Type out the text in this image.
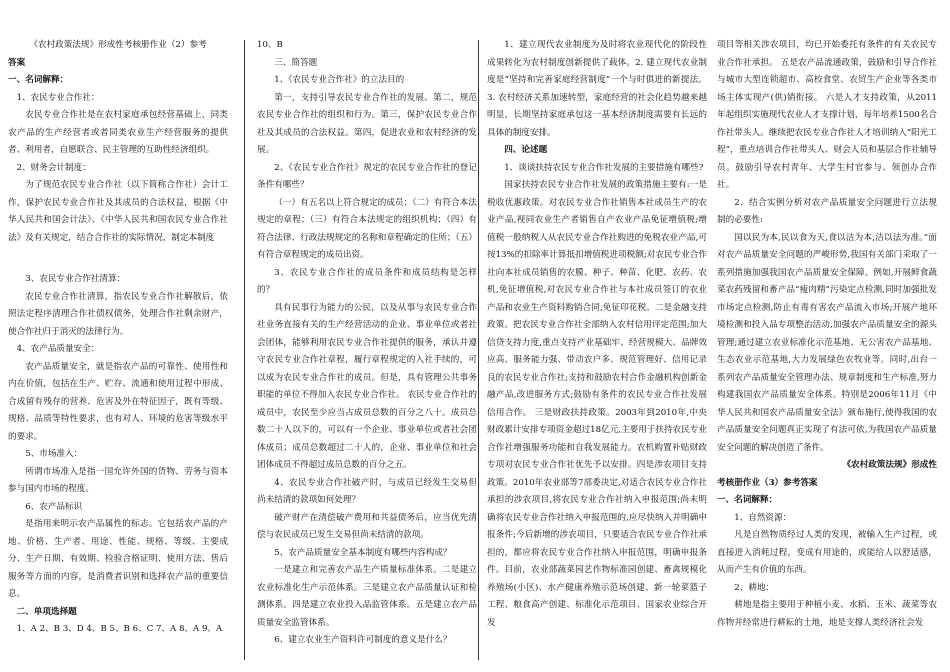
《农村政策法规》形成性考核册作业（2）参考

答案

一、名词解释：

1、农民专业合作社：

农民专业合作社是在农村家庭承包经营基础上，同类农产品的生产经营者或者同类农业生产经营服务的提供者、利用者，自愿联合、民主管理的互助性经济组织。

2、财务会计制度：

为了规范农民专业合作社（以下简称合作社）会计工作，保护农民专业合作社及其成员的合法权益，根据《中华人民共和国会计法》、《中华人民共和国农民专业合作社法》及有关规定，结合合作社的实际情况，制定本制度

3、农民专业合作社清算：

农民专业合作社清算，指农民专业合作社解散后，依照法定程序清理合作社债权债务，处理合作社剩余财产，使合作社归于消灭的法律行为。

4、农产品质量安全：

农产品质量安全，就是指农产品的可靠性、使用性和内在价值，包括在生产、贮存、流通和使用过程中形成、合成留有残存的营养、危害及外在特征因子，既有等级、规格、品质等特性要求，也有对人、环境的危害等级水平的要求。

5、市场准入：

所谓市场准入是指一国允许外国的货物、劳务与资本参与国内市场的程度。

6、农产品标识

是指用来明示农产品属性的标志。它包括农产品的产地、价格、生产者、用途、性能、规格、等级、主要成分、生产日期、有效期、检验合格证明、使用方法、售后服务等方面的内容，是消费者识别和选择农产品的重要信息。

二、单项选择题

1、A 2、B 3、D 4、B 5、B 6、C 7、A 8、A 9、A

10、B

三、简答题

1、《农民专业合作社》的立法目的

第一，支持引导农民专业合作社的发展。第二，规范农民专业合作社的组织和行为。第三，保护农民专业合作社及其成员的合法权益。第四，促进农业和农村经济的发展。

2、《农民专业合作社》规定的农民专业合作社的登记条件有哪些？

（一）有五名以上符合规定的成员；（二）有符合本法规定的章程；（三）有符合本法规定的组织机构；（四）有符合法律、行政法规规定的名称和章程确定的住所；（五）有符合章程规定的成员出资。

3、农民专业合作社的成员条件和成员结构是怎样的？

具有民事行为能力的公民，以及从事与农民专业合作社业务直接有关的生产经营活动的企业、事业单位或者社会团体，能够利用农民专业合作社提供的服务，承认并遵守农民专业合作社章程，履行章程规定的入社手续的，可以成为农民专业合作社的成员。但是，具有管理公共事务职能的单位不得加入农民专业合作社。 农民专业合作社的成员中，农民至少应当占成员总数的百分之八十。成员总数二十人以下的，可以有一个企业、事业单位或者社会团体成员；成员总数超过二十人的，企业、事业单位和社会团体成员不得超过成员总数的百分之五。

4、农民专业合作社破产时，与成员已经发生交易但尚未结清的款项如何处理？

破产财产在清偿破产费用和共益债务后，应当优先清偿与农民成员已发生交易但尚未结清的款项。

5、农产品质量安全基本制度有哪些内容构成？

一是建立和完善农产品生产质量标准体系。二是建立农业标准化生产示范体系。三是建立农产品质量认证和检测体系。四是建立农业投入品监管体系。五是建立农产品质量安全监管体系。

6、建立农业生产资料许可制度的意义是什么？

1、建立现代农业制度为及时将农业现代化的阶段性成果转化为农村制度创新提供了载体。2. 建立现代农业制度是“坚持和完善家庭经营制度”一个与时俱进的新提法。3. 农村经济关系加速转型，家庭经营的社会化趋势越来越明显，长期坚持家庭承包这一基本经济制度需要有长远的具体的制度安排。

四、论述题

1、谈谈扶持农民专业合作社发展的主要措施有哪些?

国家扶持农民专业合作社发展的政策措施主要有:一是税收优惠政策。对农民专业合作社销售本社成员生产的农业产品,视同农业生产者销售自产农业产品免征增值税;增值税一般纳税人从农民专业合作社购进的免税农业产品,可按13%的扣除率计算抵扣增值税进项税额;对农民专业合作社向本社成员销售的农膜、种子、种苗、化肥、农药、农机,免征增值税,对农民专业合作社与本社成员签订的农业产品和农业生产资料购销合同,免征印花税。二是金融支持政策。把农民专业合作社全部纳入农村信用评定范围;加大信贷支持力度,重点支持产业基础牢、经营规模大、品牌效应高、服务能力强、带动农户多、规范管理好、信用记录良的农民专业合作社;支持和鼓励农村合作金融机构创新金融产品,改进服务方式;鼓励有条件的农民专业合作社发展信用合作。 三是财政扶持政策。2003年到2010年,中央财政累计安排专项资金超过18亿元,主要用于扶持农民专业合作社增强服务功能和自我发展能力。农机购置补贴财政专项对农民专业合作社优先予以安排。四是涉农项目支持政策。2010年农业部等7部委决定,对适合农民专业合作社承担的涉农项目,将农民专业合作社纳入申报范围;尚未明确将农民专业合作社纳入申报范围的,应尽快纳入并明确申报条件;今后新增的涉农项目，只要适合农民专业合作社承担的，都应将农民专业合作社纳入申报范围，明确申报条件。目前，农业部蔬菜园艺作物标准园创建、畜禽规模化养殖场(小区)、水产健康养殖示范场创建、新一轮菜篮子工程、粮食高产创建、标准化示范项目、国家农业综合开发

项目等相关涉农项目，均已开始委托有条件的有关农民专业合作社承担。 五是农产品流通政策，鼓励和引导合作社与城市大型连锁超市、高校食堂、农贸生产企业等各类市场主体实现产(供)销衔接。 六是人才支持政策，从2011年起组织实施现代农业人才支撑计划，每年培养1500名合作社带头人。继续把农民专业合作社人才培训纳入“阳光工程”，重点培训合作社带头人、财会人员和基层合作社辅导员。鼓励引导农村青年、大学生村官参与、领创办合作社。

2、结合实例分析对农产品质量安全问题进行立法规制的必要性:

国以民为本,民以食为天,食以洁为本,洁以法为准。”面对农产品质量安全问题的严峻形势,我国有关部门采取了一系列措施加强我国农产品质量安全保障。例如,开展鲜食蔬菜农药残留和畜产品“瘦肉精”污染定点检测,同时加强批发市场定点检测,防止有毒有害农产品流入市场;开展产地环境检测和投入品专项整治活动,加强农产品质量安全的源头管理;通过建立农业标准化示范基地、无公害农产品基地、生态农业示范基地,大力发展绿色农牧业等。同时,出台一系列农产品质量安全管理办法、规章制度和生产标准,努力构建我国农产品质量安全体系。特别是2006年11月《中华人民共和国农产品质量安全法》颁布施行,使得我国的农产品质量安全问题真正实现了有法可依,为我国农产品质量安全问题的解决创造了条件。

《农村政策法规》形成性

考核册作业（3）参考答案

一、名词解释：

1、自然资源：

凡是自然物质经过人类的发现，被输入生产过程，或直接进入消耗过程，变成有用途的，或能给人以舒适感，从而产生有价值的东西。

2、耕地：

耕地是指主要用于种植小麦、水稻、玉米、蔬菜等农作物并经常进行耕耘的土地，地是支撑人类经济社会发
